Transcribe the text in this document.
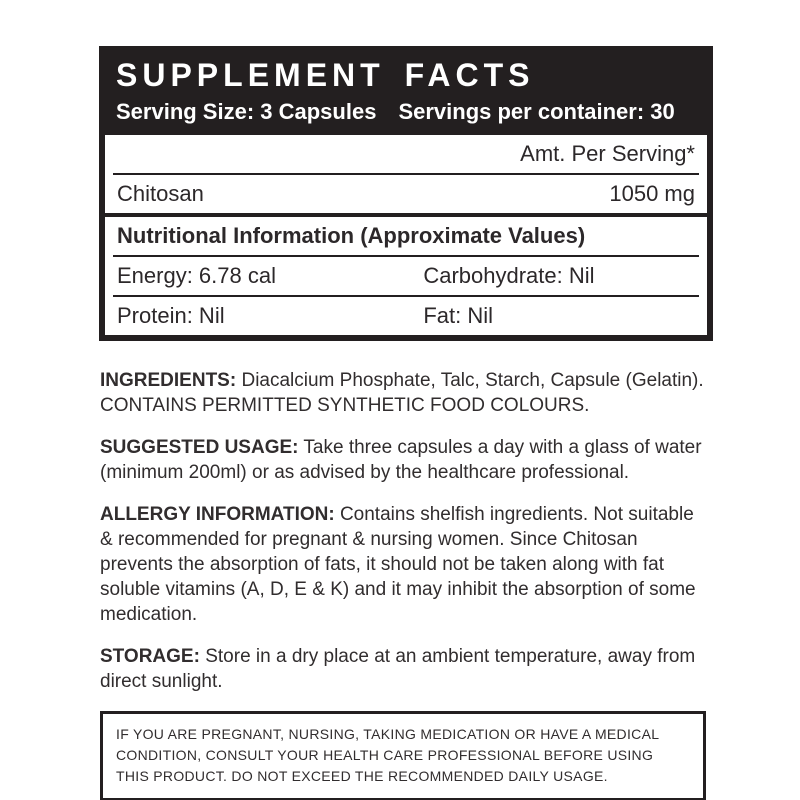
SUPPLEMENT FACTS
Serving Size: 3 Capsules Servings per container: 30
Amt. Per Serving*
Chitosan	1050 mg
Nutritional Information (Approximate Values)
Energy: 6.78 cal	Carbohydrate: Nil
Protein: Nil	Fat: Nil
INGREDIENTS: Diacalcium Phosphate, Talc, Starch, Capsule (Gelatin).
CONTAINS PERMITTED SYNTHETIC FOOD COLOURS.
SUGGESTED USAGE: Take three capsules a day with a glass of water (minimum 200ml) or as advised by the healthcare professional.
ALLERGY INFORMATION: Contains shelfish ingredients. Not suitable & recommended for pregnant & nursing women. Since Chitosan prevents the absorption of fats, it should not be taken along with fat soluble vitamins (A, D, E & K) and it may inhibit the absorption of some medication.
STORAGE: Store in a dry place at an ambient temperature, away from direct sunlight.
IF YOU ARE PREGNANT, NURSING, TAKING MEDICATION OR HAVE A MEDICAL CONDITION, CONSULT YOUR HEALTH CARE PROFESSIONAL BEFORE USING THIS PRODUCT. DO NOT EXCEED THE RECOMMENDED DAILY USAGE.
